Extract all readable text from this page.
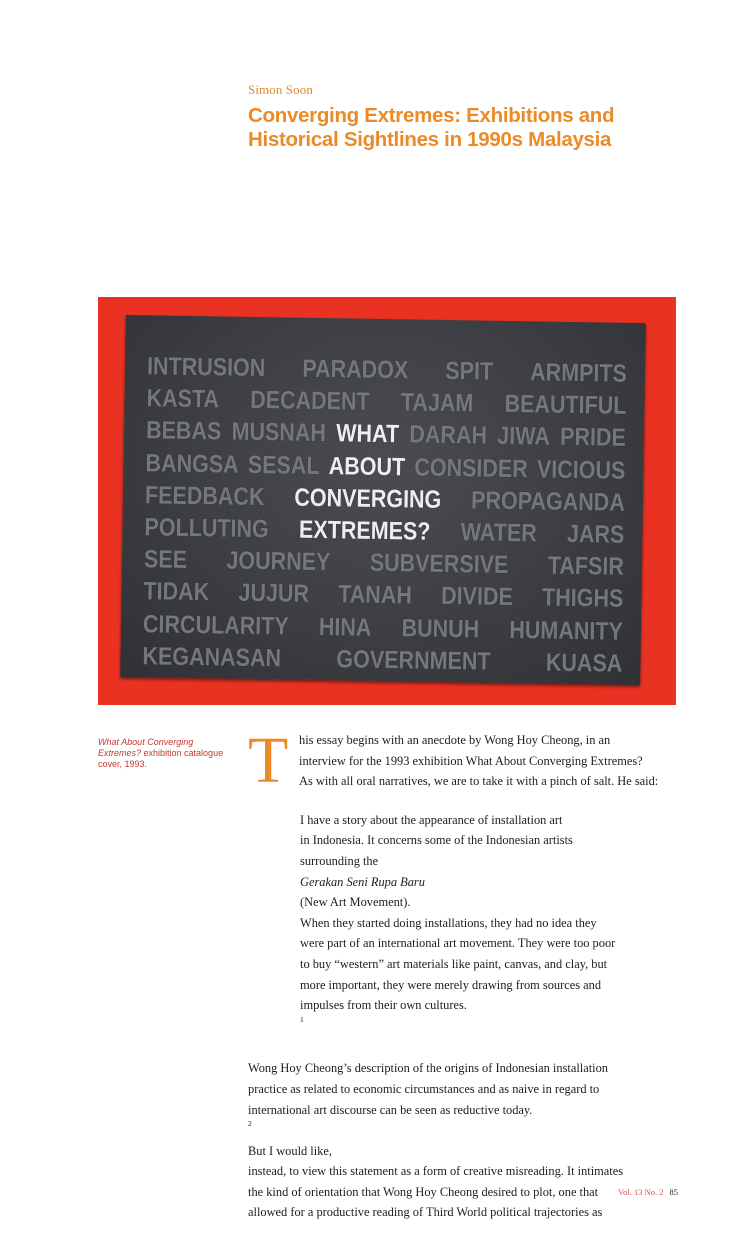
Simon Soon
Converging Extremes: Exhibitions and
Historical Sightlines in 1990s Malaysia
INTRUSION PARADOX SPIT ARMPITS
KASTA DECADENT TAJAM BEAUTIFUL
BEBAS MUSNAH WHAT DARAH JIWA PRIDE
BANGSA SESAL ABOUT CONSIDER VICIOUS
FEEDBACK CONVERGING PROPAGANDA
POLLUTING EXTREMES? WATER JARS
SEE JOURNEY SUBVERSIVE TAFSIR
TIDAK JUJUR TANAH DIVIDE THIGHS
CIRCULARITY HINA BUNUH HUMANITY
KEGANASAN GOVERNMENT KUASA
What About Converging Extremes? exhibition catalogue cover, 1993.	T his essay begins with an anecdote by Wong Hoy Cheong, in an
interview for the 1993 exhibition What About Converging Extremes?
As with all oral narratives, we are to take it with a pinch of salt. He said:

I have a story about the appearance of installation art
in Indonesia. It concerns some of the Indonesian artists
surrounding the
Gerakan Seni Rupa Baru
(New Art Movement).
When they started doing installations, they had no idea they
were part of an international art movement. They were too poor
to buy “western” art materials like paint, canvas, and clay, but
more important, they were merely drawing from sources and
impulses from their own cultures.
$^1$

Wong Hoy Cheong’s description of the origins of Indonesian installation
practice as related to economic circumstances and as naive in regard to
international art discourse can be seen as reductive today.
$^2$
But I would like,
instead, to view this statement as a form of creative misreading. It intimates
the kind of orientation that Wong Hoy Cheong desired to plot, one that
allowed for a productive reading of Third World political trajectories as

Vol. 13 No. 2 85
